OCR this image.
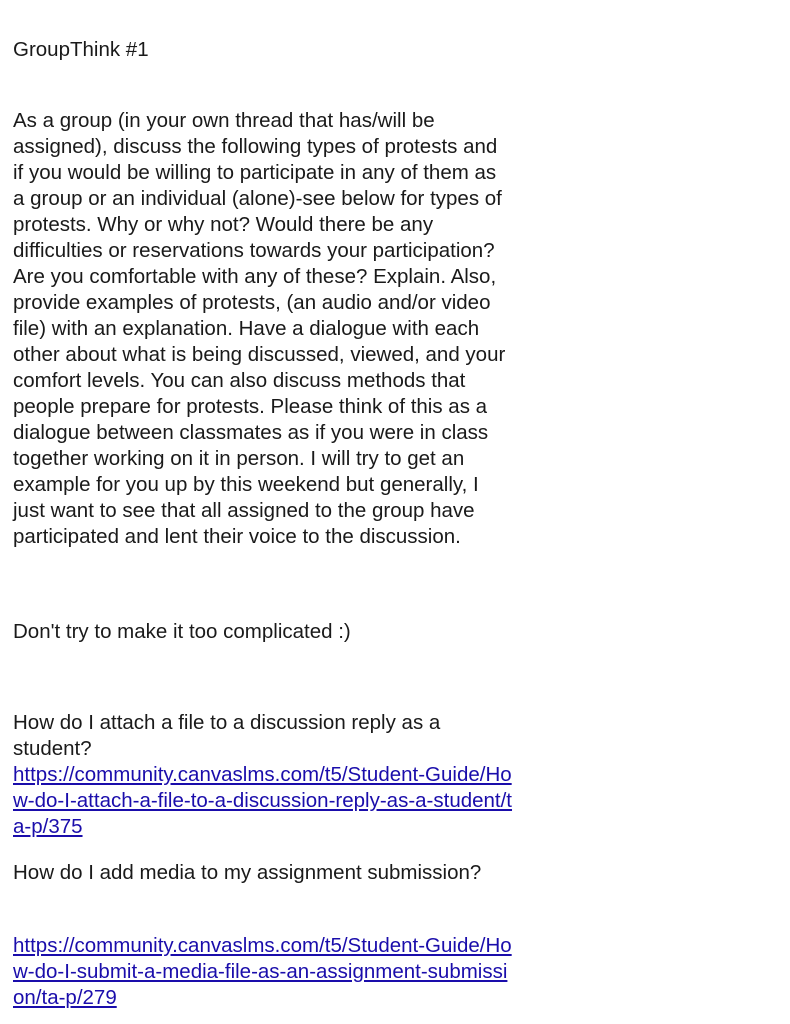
GroupThink #1

As a group (in your own thread that has/will be assigned), discuss the following types of protests and if you would be willing to participate in any of them as a group or an individual (alone)-see below for types of protests. Why or why not? Would there be any difficulties or reservations towards your participation? Are you comfortable with any of these? Explain. Also, provide examples of protests, (an audio and/or video file) with an explanation. Have a dialogue with each other about what is being discussed, viewed, and your comfort levels. You can also discuss methods that people prepare for protests. Please think of this as a dialogue between classmates as if you were in class together working on it in person. I will try to get an example for you up by this weekend but generally, I just want to see that all assigned to the group have participated and lent their voice to the discussion.

Don't try to make it too complicated :)

How do I attach a file to a discussion reply as a student?
https://community.canvaslms.com/t5/Student-Guide/How-do-I-attach-a-file-to-a-discussion-reply-as-a-student/ta-p/375

How do I add media to my assignment submission?

https://community.canvaslms.com/t5/Student-Guide/How-do-I-submit-a-media-file-as-an-assignment-submission/ta-p/279
